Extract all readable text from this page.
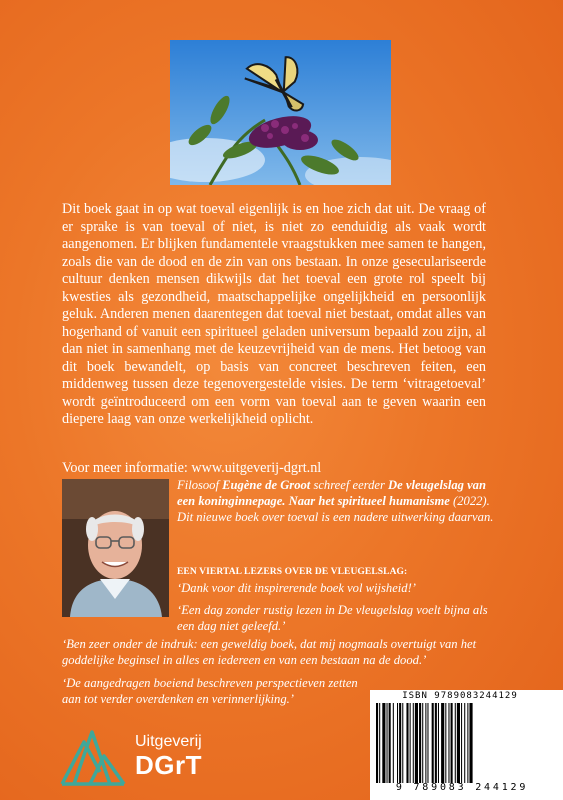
Dit boek gaat in op wat toeval eigenlijk is en hoe zich dat uit. De vraag of er sprake is van toeval of niet, is niet zo eenduidig als vaak wordt aangenomen. Er blijken fundamentele vraagstukken mee samen te hangen, zoals die van de dood en de zin van ons bestaan. In onze geseculariseerde cultuur denken mensen dikwijls dat het toeval een grote rol speelt bij kwesties als gezondheid, maatschappelijke ongelijkheid en persoonlijk geluk. Anderen menen daarentegen dat toeval niet bestaat, omdat alles van hogerhand of vanuit een spiritueel geladen universum bepaald zou zijn, al dan niet in samenhang met de keuzevrijheid van de mens. Het betoog van dit boek bewandelt, op basis van concreet beschreven feiten, een middenweg tussen deze tegenovergestelde visies. De term ‘vitragetoeval’ wordt geïntroduceerd om een vorm van toeval aan te geven waarin een diepere laag van onze werkelijkheid oplicht.

Voor meer informatie: www.uitgeverij-dgrt.nl

Filosoof Eugène de Groot schreef eerder De vleugelslag van een koninginnepage. Naar het spiritueel humanisme (2022). Dit nieuwe boek over toeval is een nadere uitwerking daarvan.

EEN VIERTAL LEZERS OVER DE VLEUGELSLAG:

‘Dank voor dit inspirerende boek vol wijsheid!’

‘Een dag zonder rustig lezen in De vleugelslag voelt bijna als een dag niet geleefd.’

‘Ben zeer onder de indruk: een geweldig boek, dat mij nogmaals overtuigt van het goddelijke beginsel in alles en iedereen en van een bestaan na de dood.’

‘De aangedragen boeiend beschreven perspectieven zetten aan tot verder overdenken en verinnerlijking.’	ISBN 9789083244129
9 789083 244129
Uitgeverij
DGrT
